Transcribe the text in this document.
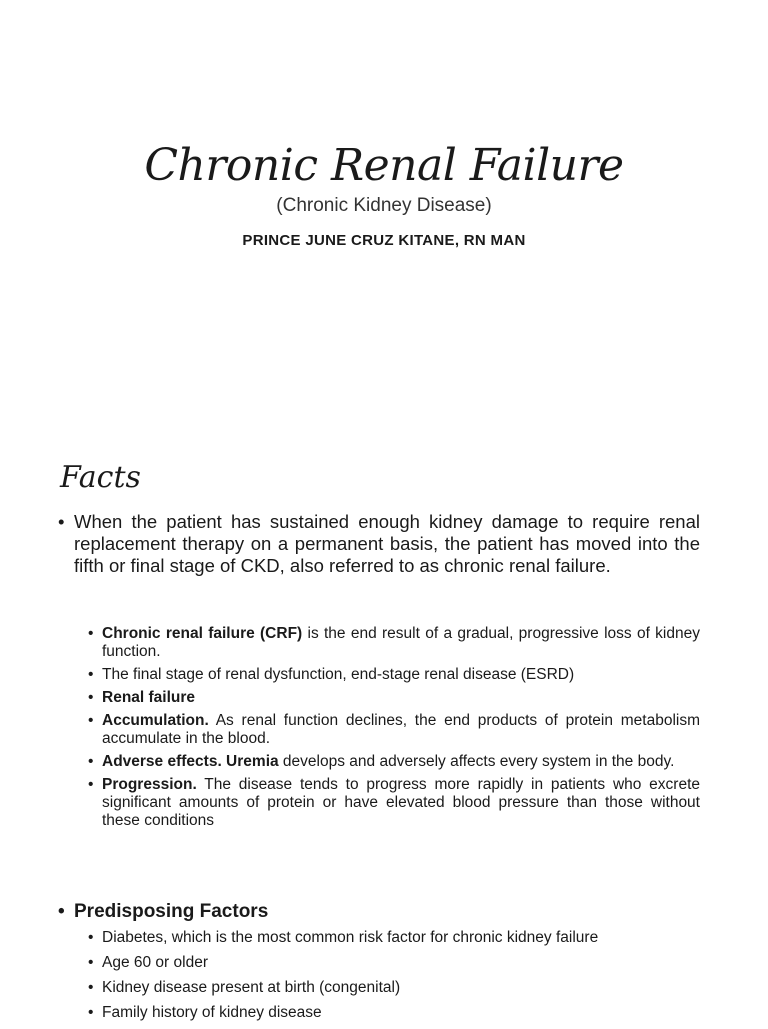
Chronic Renal Failure
(Chronic Kidney Disease)
PRINCE JUNE CRUZ KITANE, RN MAN
Facts
• When the patient has sustained enough kidney damage to require renal replacement therapy on a permanent basis, the patient has moved into the fifth or final stage of CKD, also referred to as chronic renal failure.
• Chronic renal failure (CRF) is the end result of a gradual, progressive loss of kidney function.
• The final stage of renal dysfunction, end-stage renal disease (ESRD)
• Renal failure
• Accumulation. As renal function declines, the end products of protein metabolism accumulate in the blood.
• Adverse effects. Uremia develops and adversely affects every system in the body.
• Progression. The disease tends to progress more rapidly in patients who excrete significant amounts of protein or have elevated blood pressure than those without these conditions
• Predisposing Factors
• Diabetes, which is the most common risk factor for chronic kidney failure
• Age 60 or older
• Kidney disease present at birth (congenital)
• Family history of kidney disease
